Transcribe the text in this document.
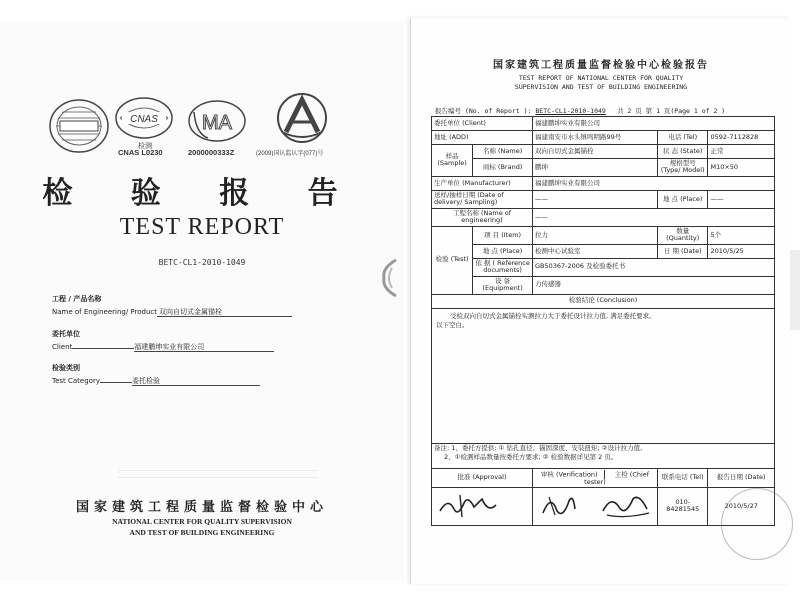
CNAS
检测
CNAS L0230
MA
2000000333Z	(2009)国认监认字(077)号
检 验 报 告
TEST REPORT
BETC-CL1-2010-1049
工程 / 产品名称
Name of Engineering/ Product 双向自切式金属锚栓
委托单位
Client	福建鹏坤实业有限公司
检验类别
Test Category	委托检验
国家建筑工程质量监督检验中心
NATIONAL CENTER FOR QUALITY SUPERVISION
AND TEST OF BUILDING ENGINEERING
国家建筑工程质量监督检验中心检验报告
TEST REPORT OF NATIONAL CENTER FOR QUALITY
SUPERVISION AND TEST OF BUILDING ENGINEERING
报告编号 (No. of Report ): BETC-CL1-2010-1049 共 2 页 第 1 页(Page 1 of 2 )
委托单位 (Client)		福建鹏坤实业有限公司		
地址 (ADD)		福建南安市水头镇鸣明路99号	电话 (Tel)	0592-7112828
样品 (Sample)	名称 (Name)	双向自切式金属锚栓	状 态 (State)	正常
	商标 (Brand)	鹏坤	规格型号 (Type/ Model)	M10×50
生产单位 (Manufacturer)		福建鹏坤实业有限公司		
送样/抽样日期 (Date of delivery/ Sampling)		——	地 点 (Place)	——
工程名称 (Name of engineering)		——		
检验 (Test)	项 目 (Item)	拉力	数量 (Quantity)	5个
	地 点 (Place)	检测中心试验室	日 期 (Date)	2010/5/25
	依 据 ( Reference documents)	GB50367-2006 及检验委托书		
	设 备 (Equipment)	力传感器		
检验结论 (Conclusion)				

受检双向自切式金属锚栓实测拉力大于委托设计拉力值, 满足委托要求。
以下空白。				

备注: 1、委托方提供: ① 钻孔直径、锚固深度、安装扭矩; ②设计拉力值,
2、①检测样品数量按委托方要求; ② 检验数据详见第 2 页。				

批准 (Approval)		审核 (Verification) 主检 (Chief tester)	联系电话 (Tel)	报告日期 (Date)
		010-84281545	2010/5/27
